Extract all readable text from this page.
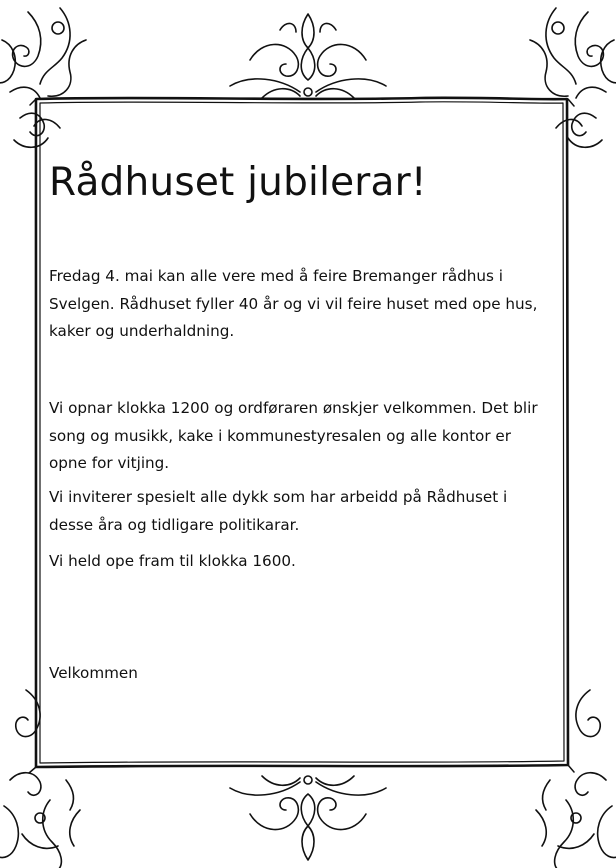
Rådhuset jubilerar!

Fredag 4. mai kan alle vere med å feire Bremanger rådhus i Svelgen. Rådhuset fyller 40 år og vi vil feire huset med ope hus, kaker og underhaldning.

Vi opnar klokka 1200 og ordføraren ønskjer velkommen. Det blir song og musikk, kake i kommunestyresalen og alle kontor er opne for vitjing.

Vi inviterer spesielt alle dykk som har arbeidd på Rådhuset i desse åra og tidligare politikarar.

Vi held ope fram til klokka 1600.

Velkommen
